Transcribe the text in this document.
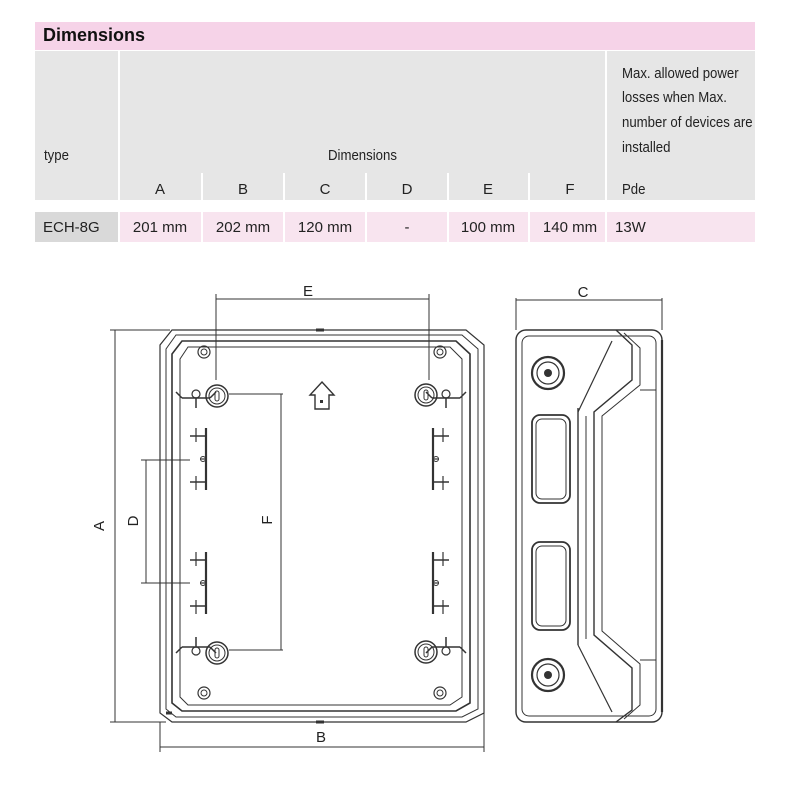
Dimensions
type	Dimensions
Max. allowed power
losses when Max.
number of devices are
installed
A	B	C	D	E	F	Pde
ECH-8G	201 mm	202 mm	120 mm	-	100 mm	140 mm	13W
A
B
C
D
E
F
